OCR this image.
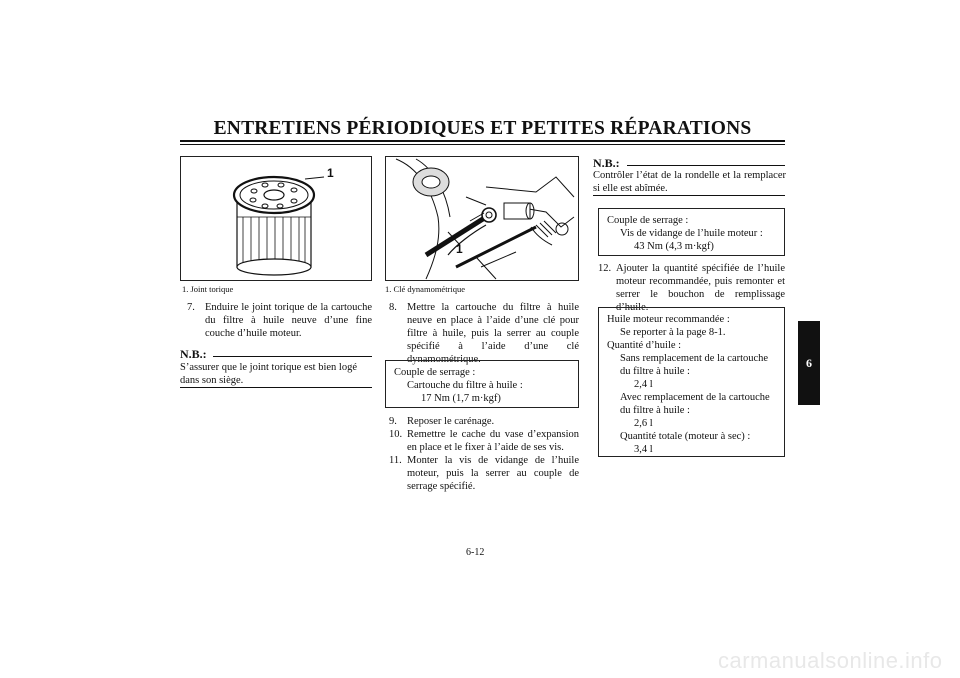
ENTRETIENS PÉRIODIQUES ET PETITES RÉPARATIONS
1
1. Joint torique
7. Enduire le joint torique de la cartouche du filtre à huile neuve d’une fine couche d’huile moteur.
N.B.:
S’assurer que le joint torique est bien logé dans son siège.
1
1. Clé dynamométrique
8. Mettre la cartouche du filtre à huile neuve en place à l’aide d’une clé pour filtre à huile, puis la serrer au couple spécifié à l’aide d’une clé dynamométrique.
Couple de serrage :
Cartouche du filtre à huile :
17 Nm (1,7 m·kgf)
9. Reposer le carénage.
10. Remettre le cache du vase d’expansion en place et le fixer à l’aide de ses vis.
11. Monter la vis de vidange de l’huile moteur, puis la serrer au couple de serrage spécifié.
N.B.:
Contrôler l’état de la rondelle et la remplacer si elle est abîmée.
Couple de serrage :
Vis de vidange de l’huile moteur :
43 Nm (4,3 m·kgf)
12. Ajouter la quantité spécifiée de l’huile moteur recommandée, puis remonter et serrer le bouchon de remplissage d’huile.
Huile moteur recommandée :
Se reporter à la page 8-1.
Quantité d’huile :
Sans remplacement de la cartouche
du filtre à huile :
2,4 l
Avec remplacement de la cartouche
du filtre à huile :
2,6 l
Quantité totale (moteur à sec) :
3,4 l
6
6-12
carmanualsonline.info
